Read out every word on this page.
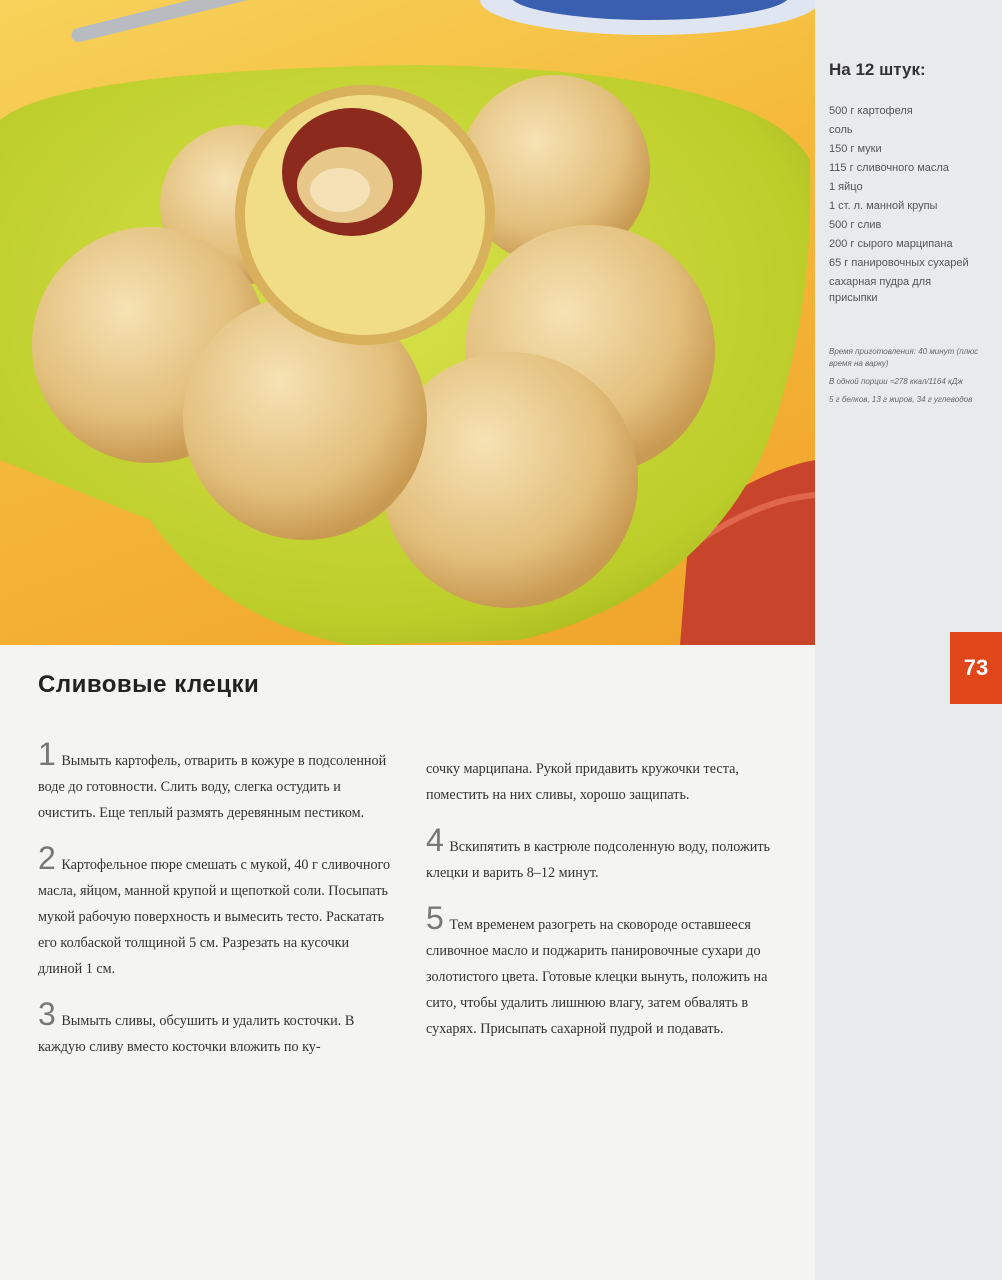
На 12 штук:
500 г картофеля
соль
150 г муки
115 г сливочного масла
1 яйцо
1 ст. л. манной крупы
500 г слив
200 г сырого марципана
65 г панировочных сухарей
сахарная пудра для присыпки

Время приготовления: 40 минут (плюс время на варку)

В одной порции ≈278 ккал/1164 кДж

5 г белков, 13 г жиров, 34 г углеводов

73
Сливовые клецки

1 Вымыть картофель, отварить в кожуре в подсоленной воде до готовности. Слить воду, слегка остудить и очистить. Еще теплый размять деревянным пестиком.

2 Картофельное пюре смешать с мукой, 40 г сливочного масла, яйцом, манной крупой и щепоткой соли. Посыпать мукой рабочую поверхность и вымесить тесто. Раскатать его колбаской толщиной 5 см. Разрезать на кусочки длиной 1 см.

3 Вымыть сливы, обсушить и удалить косточки. В каждую сливу вместо косточки вложить по ку-

сочку марципана. Рукой придавить кружочки теста, поместить на них сливы, хорошо защипать.

4 Вскипятить в кастрюле подсоленную воду, положить клецки и варить 8–12 минут.

5 Тем временем разогреть на сковороде оставшееся сливочное масло и поджарить панировочные сухари до золотистого цвета. Готовые клецки вынуть, положить на сито, чтобы удалить лишнюю влагу, затем обвалять в сухарях. Присыпать сахарной пудрой и подавать.
